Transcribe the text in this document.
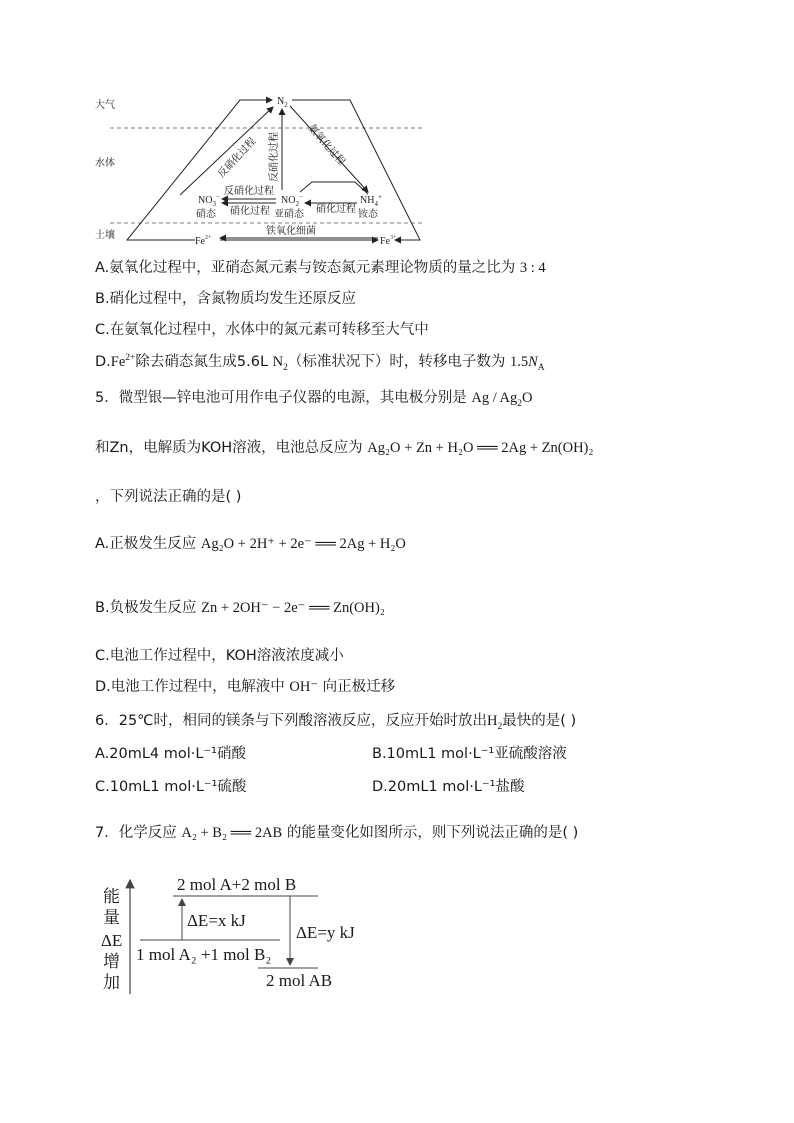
大气
水体
土壤
$N_2$
反硝化过程 反硝化过程	氨氧化过程
$NO_3^-$
硝态
$NO_2^-$
亚硝态
$NH_4^+$
铵态
反硝化过程
硝化过程	硝化过程
$Fe^{2+}$	$Fe^{3+}$
铁氧化细菌
A.氨氧化过程中，亚硝态氮元素与铵态氮元素理论物质的量之比为 3 : 4
B.硝化过程中，含氮物质均发生还原反应
C.在氨氧化过程中，水体中的氮元素可转移至大气中
$D.Fe^{2+}$除去硝态氮生成5.6L $N_2$（标准状况下）时，转移电子数为 $1.5N_A$
5．微型银—锌电池可用作电子仪器的电源，其电极分别是 Ag / $Ag_2O$
和Zn，电解质为KOH溶液，电池总反应为 Ag₂O + Zn + H₂O ══ 2Ag + Zn(OH)₂
，下列说法正确的是( )
A.正极发生反应 Ag₂O + 2H⁺ + 2e⁻ ══ 2Ag + H₂O
B.负极发生反应 Zn + 2OH⁻ − 2e⁻ ══ Zn(OH)₂
C.电池工作过程中，KOH溶液浓度减小
D.电池工作过程中，电解液中 OH⁻ 向正极迁移
6．25℃时，相同的镁条与下列酸溶液反应，反应开始时放出$H_2$最快的是( )
A.20mL4 mol·L⁻¹硝酸	B.10mL1 mol·L⁻¹亚硫酸溶液
C.10mL1 mol·L⁻¹硫酸	D.20mL1 mol·L⁻¹盐酸
7．化学反应 A₂ + B₂ ══ 2AB 的能量变化如图所示，则下列说法正确的是( )
能
量
ΔE
增
加
2 mol A+2 mol B
1 mol A₂ +1 mol B₂
2 mol AB
ΔE=x kJ
ΔE=y kJ
